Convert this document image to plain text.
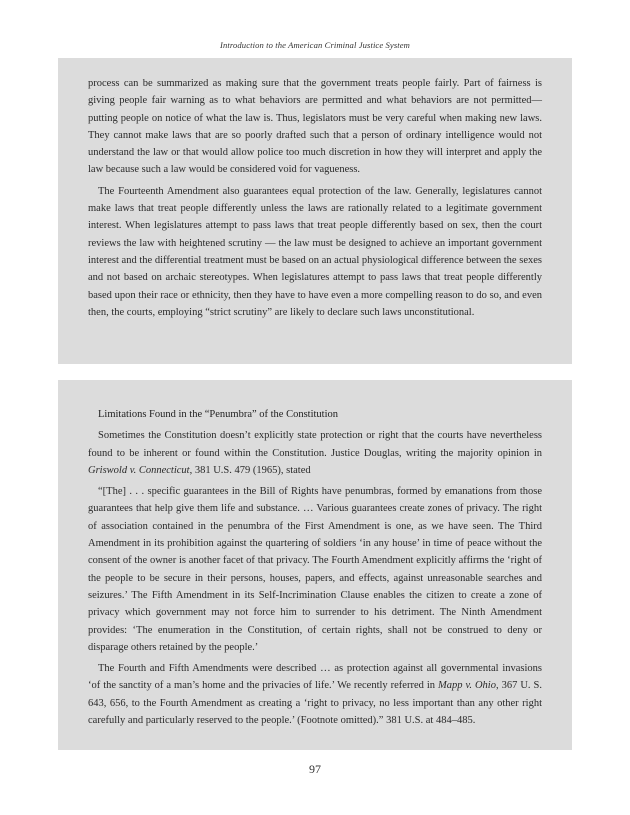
Introduction to the American Criminal Justice System

process can be summarized as making sure that the government treats people fairly. Part of fairness is giving people fair warning as to what behaviors are permitted and what behaviors are not permitted—putting people on notice of what the law is. Thus, legislators must be very careful when making new laws. They cannot make laws that are so poorly drafted such that a person of ordinary intelligence would not understand the law or that would allow police too much discretion in how they will interpret and apply the law because such a law would be considered void for vagueness.

The Fourteenth Amendment also guarantees equal protection of the law. Generally, legislatures cannot make laws that treat people differently unless the laws are rationally related to a legitimate government interest. When legislatures attempt to pass laws that treat people differently based on sex, then the court reviews the law with heightened scrutiny — the law must be designed to achieve an important government interest and the differential treatment must be based on an actual physiological difference between the sexes and not based on archaic stereotypes. When legislatures attempt to pass laws that treat people differently based upon their race or ethnicity, then they have to have even a more compelling reason to do so, and even then, the courts, employing “strict scrutiny” are likely to declare such laws unconstitutional.

Limitations Found in the “Penumbra” of the Constitution

Sometimes the Constitution doesn’t explicitly state protection or right that the courts have nevertheless found to be inherent or found within the Constitution. Justice Douglas, writing the majority opinion in Griswold v. Connecticut, 381 U.S. 479 (1965), stated

“[The] . . . specific guarantees in the Bill of Rights have penumbras, formed by emanations from those guarantees that help give them life and substance. … Various guarantees create zones of privacy. The right of association contained in the penumbra of the First Amendment is one, as we have seen. The Third Amendment in its prohibition against the quartering of soldiers ‘in any house’ in time of peace without the consent of the owner is another facet of that privacy. The Fourth Amendment explicitly affirms the ‘right of the people to be secure in their persons, houses, papers, and effects, against unreasonable searches and seizures.’ The Fifth Amendment in its Self-Incrimination Clause enables the citizen to create a zone of privacy which government may not force him to surrender to his detriment. The Ninth Amendment provides: ‘The enumeration in the Constitution, of certain rights, shall not be construed to deny or disparage others retained by the people.’

The Fourth and Fifth Amendments were described … as protection against all governmental invasions ‘of the sanctity of a man’s home and the privacies of life.’ We recently referred in Mapp v. Ohio, 367 U. S. 643, 656, to the Fourth Amendment as creating a ‘right to privacy, no less important than any other right carefully and particularly reserved to the people.’ (Footnote omitted).” 381 U.S. at 484–485.

97
